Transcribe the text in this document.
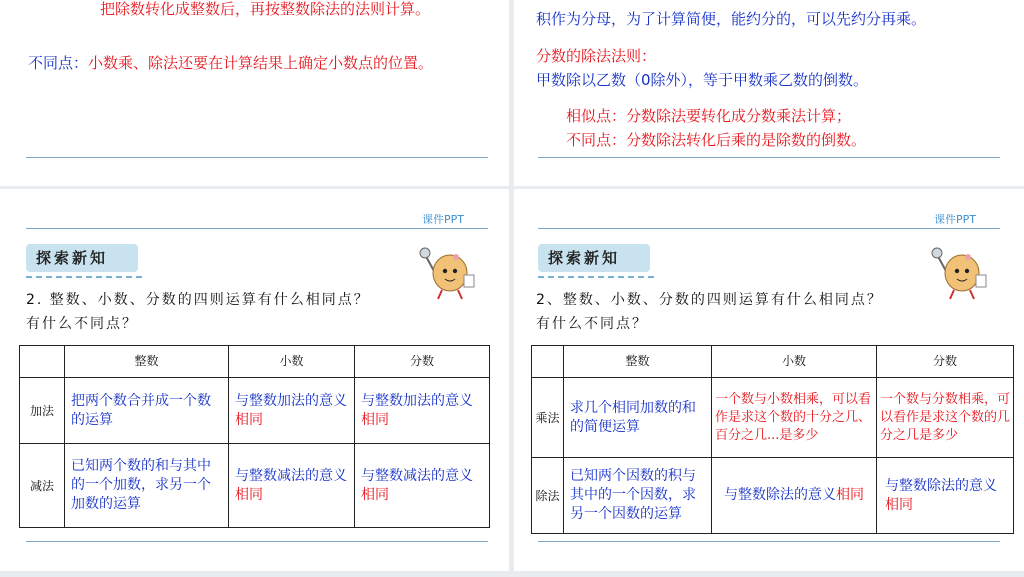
把除数转化成整数后，再按整数除法的法则计算。
不同点：小数乘、除法还要在计算结果上确定小数点的位置。
积作为分母，为了计算简便，能约分的，可以先约分再乘。
分数的除法法则：
甲数除以乙数（0除外），等于甲数乘乙数的倒数。
相似点：分数除法要转化成分数乘法计算；
不同点：分数除法转化后乘的是除数的倒数。
课件PPT
探索新知
2. 整数、小数、分数的四则运算有什么相同点？
有什么不同点？
	整数	小数	分数
加法	把两个数合并成一个数的运算	与整数加法的意义相同	与整数加法的意义相同
减法	已知两个数的和与其中的一个加数，求另一个加数的运算	与整数减法的意义相同	与整数减法的意义相同
课件PPT
探索新知
2、整数、小数、分数的四则运算有什么相同点？
有什么不同点？
	整数	小数	分数
乘法	求几个相同加数的和的简便运算	一个数与小数相乘，可以看作是求这个数的十分之几、百分之几...是多少	一个数与分数相乘，可以看作是求这个数的几分之几是多少
除法	已知两个因数的积与其中的一个因数，求另一个因数的运算	与整数除法的意义相同	与整数除法的意义相同
